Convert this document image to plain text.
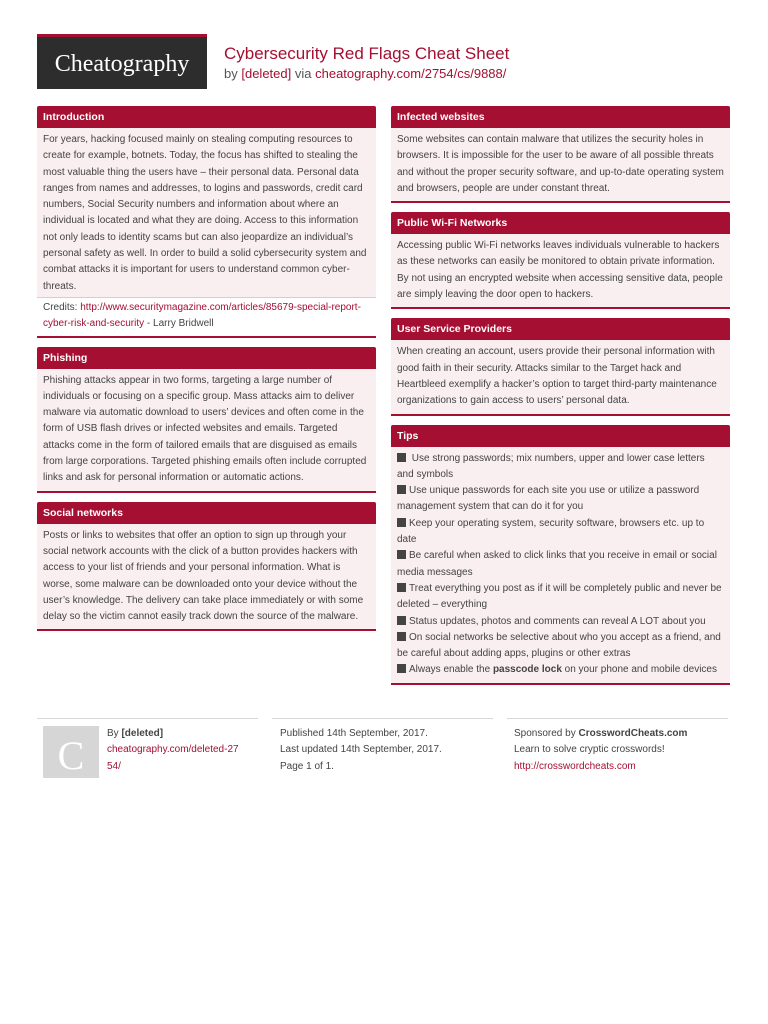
Cheatography	Cybersecurity Red Flags Cheat Sheet
by [deleted] via cheatography.com/2754/cs/9888/
Introduction
For years, hacking focused mainly on stealing computing resources to create for example, botnets. Today, the focus has shifted to stealing the most valuable thing the users have – their personal data. Personal data ranges from names and addresses, to logins and passwords, credit card numbers, Social Security numbers and information about where an individual is located and what they are doing. Access to this information not only leads to identity scams but can also jeopardize an individual’s personal safety as well. In order to build a solid cybersecurity system and combat attacks it is important for users to understand common cyber-threats.
Credits: http://www.securitymagazine.com/articles/85679-special-report-cyber-risk-and-security - Larry Bridwell
Phishing
Phishing attacks appear in two forms, targeting a large number of individuals or focusing on a specific group. Mass attacks aim to deliver malware via automatic download to users’ devices and often come in the form of USB flash drives or infected websites and emails. Targeted attacks come in the form of tailored emails that are disguised as emails from large corporations. Targeted phishing emails often include corrupted links and ask for personal information or automatic actions.
Social networks
Posts or links to websites that offer an option to sign up through your social network accounts with the click of a button provides hackers with access to your list of friends and your personal information. What is worse, some malware can be downloaded onto your device without the user’s knowledge. The delivery can take place immediately or with some delay so the victim cannot easily track down the source of the malware.
Infected websites
Some websites can contain malware that utilizes the security holes in browsers. It is impossible for the user to be aware of all possible threats and without the proper security software, and up-to-date operating system and browsers, people are under constant threat.
Public Wi-Fi Networks
Accessing public Wi-Fi networks leaves individuals vulnerable to hackers as these networks can easily be monitored to obtain private information. By not using an encrypted website when accessing sensitive data, people are simply leaving the door open to hackers.
User Service Providers
When creating an account, users provide their personal information with good faith in their security. Attacks similar to the Target hack and Heartbleed exemplify a hacker’s option to target third-party maintenance organizations to gain access to users’ personal data.
Tips
Use strong passwords; mix numbers, upper and lower case letters and symbols
Use unique passwords for each site you use or utilize a password management system that can do it for you
Keep your operating system, security software, browsers etc. up to date
Be careful when asked to click links that you receive in email or social media messages
Treat everything you post as if it will be completely public and never be deleted – everything
Status updates, photos and comments can reveal A LOT about you
On social networks be selective about who you accept as a friend, and be careful about adding apps, plugins or other extras
Always enable the passcode lock on your phone and mobile devices
C	By [deleted]
cheatography.com/deleted-2754/
Published 14th September, 2017.
Last updated 14th September, 2017.
Page 1 of 1.
Sponsored by CrosswordCheats.com
Learn to solve cryptic crosswords!
http://crosswordcheats.com
